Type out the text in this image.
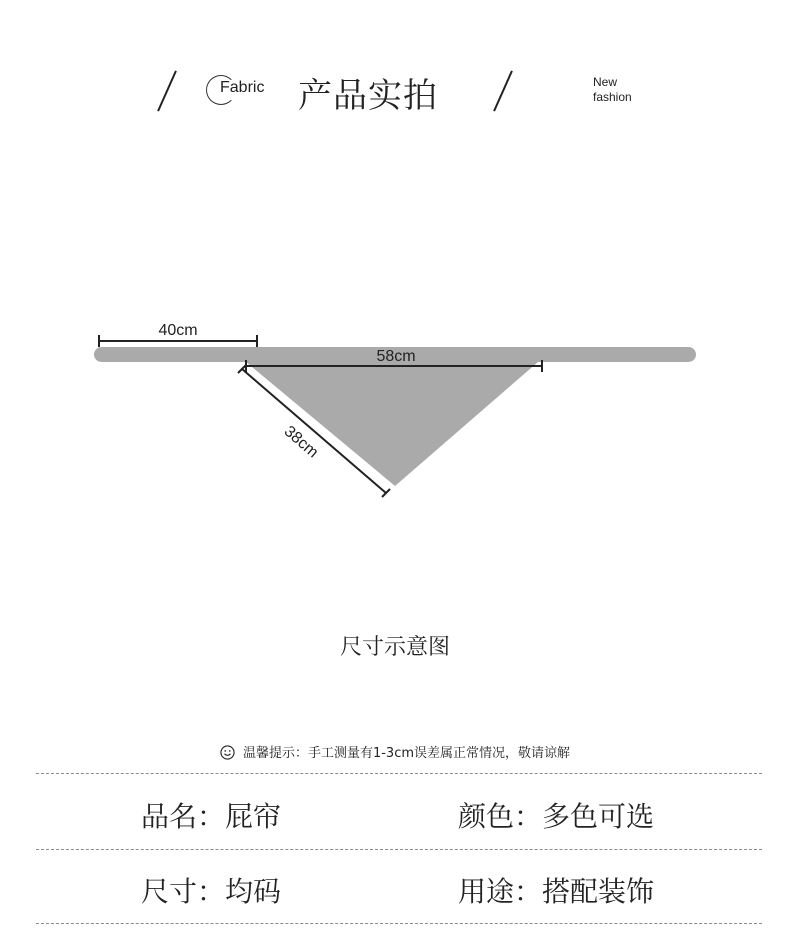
Fabric 产品实拍	New
fashion
40cm
58cm
38cm
尺寸示意图
温馨提示：手工测量有1-3cm误差属正常情况，敬请谅解
品名：屁帘	颜色：多色可选
尺寸：均码	用途：搭配装饰
